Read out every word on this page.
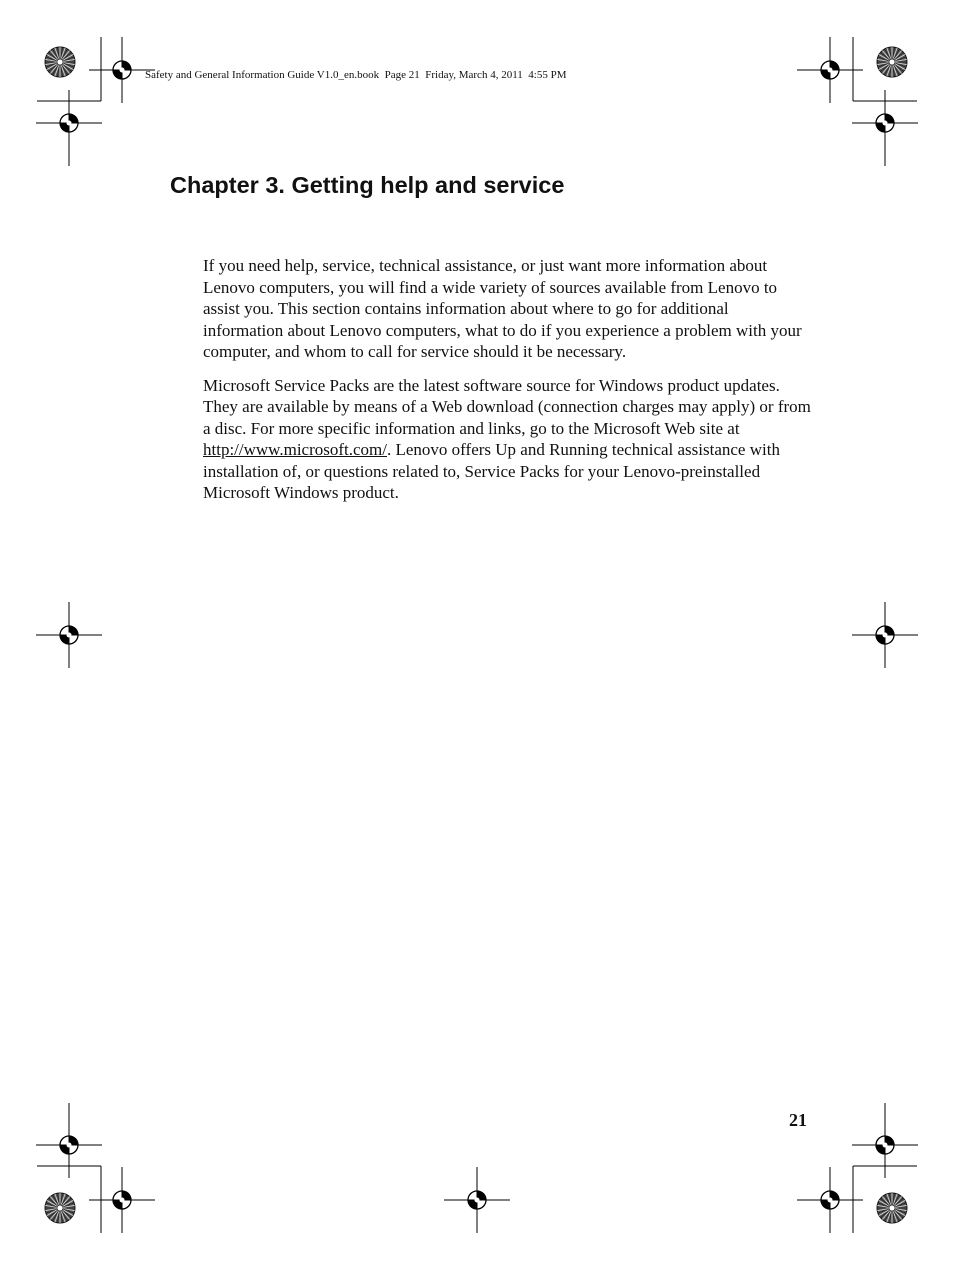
Safety and General Information Guide V1.0_en.book  Page 21  Friday, March 4, 2011  4:55 PM
Chapter 3. Getting help and service

If you need help, service, technical assistance, or just want more information about Lenovo computers, you will find a wide variety of sources available from Lenovo to assist you. This section contains information about where to go for additional information about Lenovo computers, what to do if you experience a problem with your computer, and whom to call for service should it be necessary.

Microsoft Service Packs are the latest software source for Windows product updates. They are available by means of a Web download (connection charges may apply) or from a disc. For more specific information and links, go to the Microsoft Web site at http://www.microsoft.com/. Lenovo offers Up and Running technical assistance with installation of, or questions related to, Service Packs for your Lenovo-preinstalled Microsoft Windows product.

21
